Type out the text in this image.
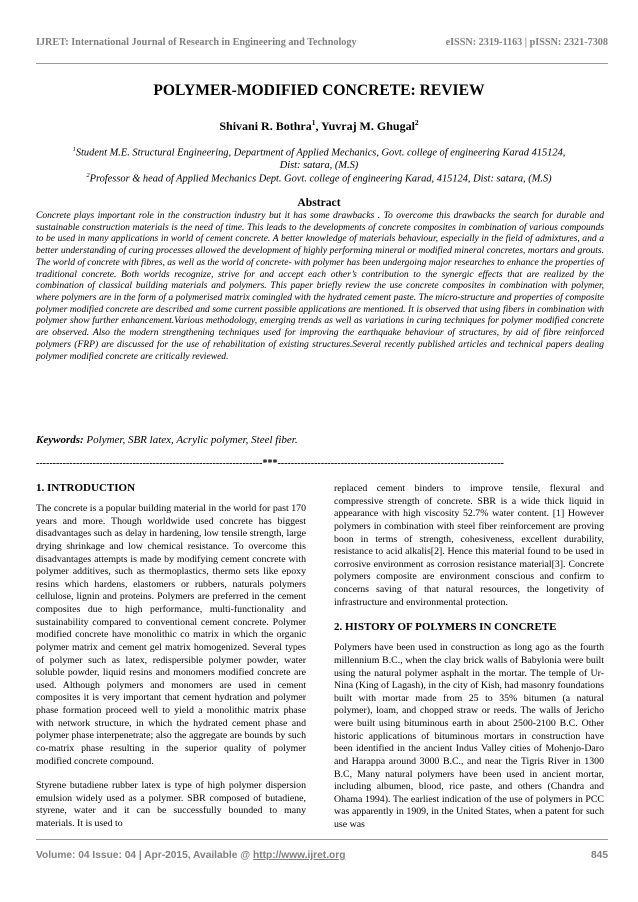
IJRET: International Journal of Research in Engineering and Technology	eISSN: 2319-1163 | pISSN: 2321-7308
POLYMER-MODIFIED CONCRETE: REVIEW
Shivani R. Bothra$^1$, Yuvraj M. Ghugal$^2$
$^1$Student M.E. Structural Engineering, Department of Applied Mechanics, Govt. college of engineering Karad 415124,
Dist: satara, (M.S)
$^2$Professor & head of Applied Mechanics Dept. Govt. college of engineering Karad, 415124, Dist: satara, (M.S)
Abstract
Concrete plays important role in the construction industry but it has some drawbacks . To overcome this drawbacks the search for durable and sustainable construction materials is the need of time. This leads to the developments of concrete composites in combination of various compounds to be used in many applications in world of cement concrete. A better knowledge of materials behaviour, especially in the field of admixtures, and a better understanding of curing processes allowed the development of highly performing mineral or modified mineral concretes, mortars and grouts. The world of concrete with fibres, as well as the world of concrete- with polymer has been undergoing major researches to enhance the properties of traditional concrete. Both worlds recognize, strive for and accept each other’s contribution to the synergic effects that are realized by the combination of classical building materials and polymers. This paper briefly review the use concrete composites in combination with polymer, where polymers are in the form of a polymerised matrix comingled with the hydrated cement paste. The micro-structure and properties of composite polymer modified concrete are described and some current possible applications are mentioned. It is observed that using fibers in combination with polymer show further enhancement.Various methodology, emerging trends as well as variations in curing techniques for polymer modified concrete are observed. Also the modern strengthening techniques used for improving the earthquake behaviour of structures, by aid of fibre reinforced polymers (FRP) are discussed for the use of rehabilitation of existing structures.Several recently published articles and technical papers dealing polymer modified concrete are critically reviewed.
Keywords: Polymer, SBR latex, Acrylic polymer, Steel fiber.
--------------------------------------------------------------------***--------------------------------------------------------------------
1. INTRODUCTION

The concrete is a popular building material in the world for past 170 years and more. Though worldwide used concrete has biggest disadvantages such as delay in hardening, low tensile strength, large drying shrinkage and low chemical resistance. To overcome this disadvantages attempts is made by modifying cement concrete with polymer additives, such as thermoplastics, thermo sets like epoxy resins which hardens, elastomers or rubbers, naturals polymers cellulose, lignin and proteins. Polymers are preferred in the cement composites due to high performance, multi-functionality and sustainability compared to conventional cement concrete. Polymer modified concrete have monolithic co matrix in which the organic polymer matrix and cement gel matrix homogenized. Several types of polymer such as latex, redispersible polymer powder, water soluble powder, liquid resins and monomers modified concrete are used. Although polymers and monomers are used in cement composites it is very important that cement hydration and polymer phase formation proceed well to yield a monolithic matrix phase with network structure, in which the hydrated cement phase and polymer phase interpenetrate; also the aggregate are bounds by such co-matrix phase resulting in the superior quality of polymer modified concrete compound.

Styrene butadiene rubber latex is type of high polymer dispersion emulsion widely used as a polymer. SBR composed of butadiene, styrene, water and it can be successfully bounded to many materials. It is used to

replaced cement binders to improve tensile, flexural and compressive strength of concrete. SBR is a wide thick liquid in appearance with high viscosity 52.7% water content. [1] However polymers in combination with steel fiber reinforcement are proving boon in terms of strength, cohesiveness, excellent durability, resistance to acid alkalis[2]. Hence this material found to be used in corrosive environment as corrosion resistance material[3]. Concrete polymers composite are environment conscious and confirm to concerns saving of that natural resources, the longetivity of infrastructure and environmental protection.

2. HISTORY OF POLYMERS IN CONCRETE

Polymers have been used in construction as long ago as the fourth millennium B.C., when the clay brick walls of Babylonia were built using the natural polymer asphalt in the mortar. The temple of Ur-Nina (King of Lagash), in the city of Kish, had masonry foundations built with mortar made from 25 to 35% bitumen (a natural polymer), loam, and chopped straw or reeds. The walls of Jericho were built using bituminous earth in about 2500-2100 B.C. Other historic applications of bituminous mortars in construction have been identified in the ancient Indus Valley cities of Mohenjo-Daro and Harappa around 3000 B.C., and near the Tigris River in 1300 B.C, Many natural polymers have been used in ancient mortar, including albumen, blood, rice paste, and others (Chandra and Ohama 1994). The earliest indication of the use of polymers in PCC was apparently in 1909, in the United States, when a patent for such use was

Volume: 04 Issue: 04 | Apr-2015, Available @ http://www.ijret.org	845
